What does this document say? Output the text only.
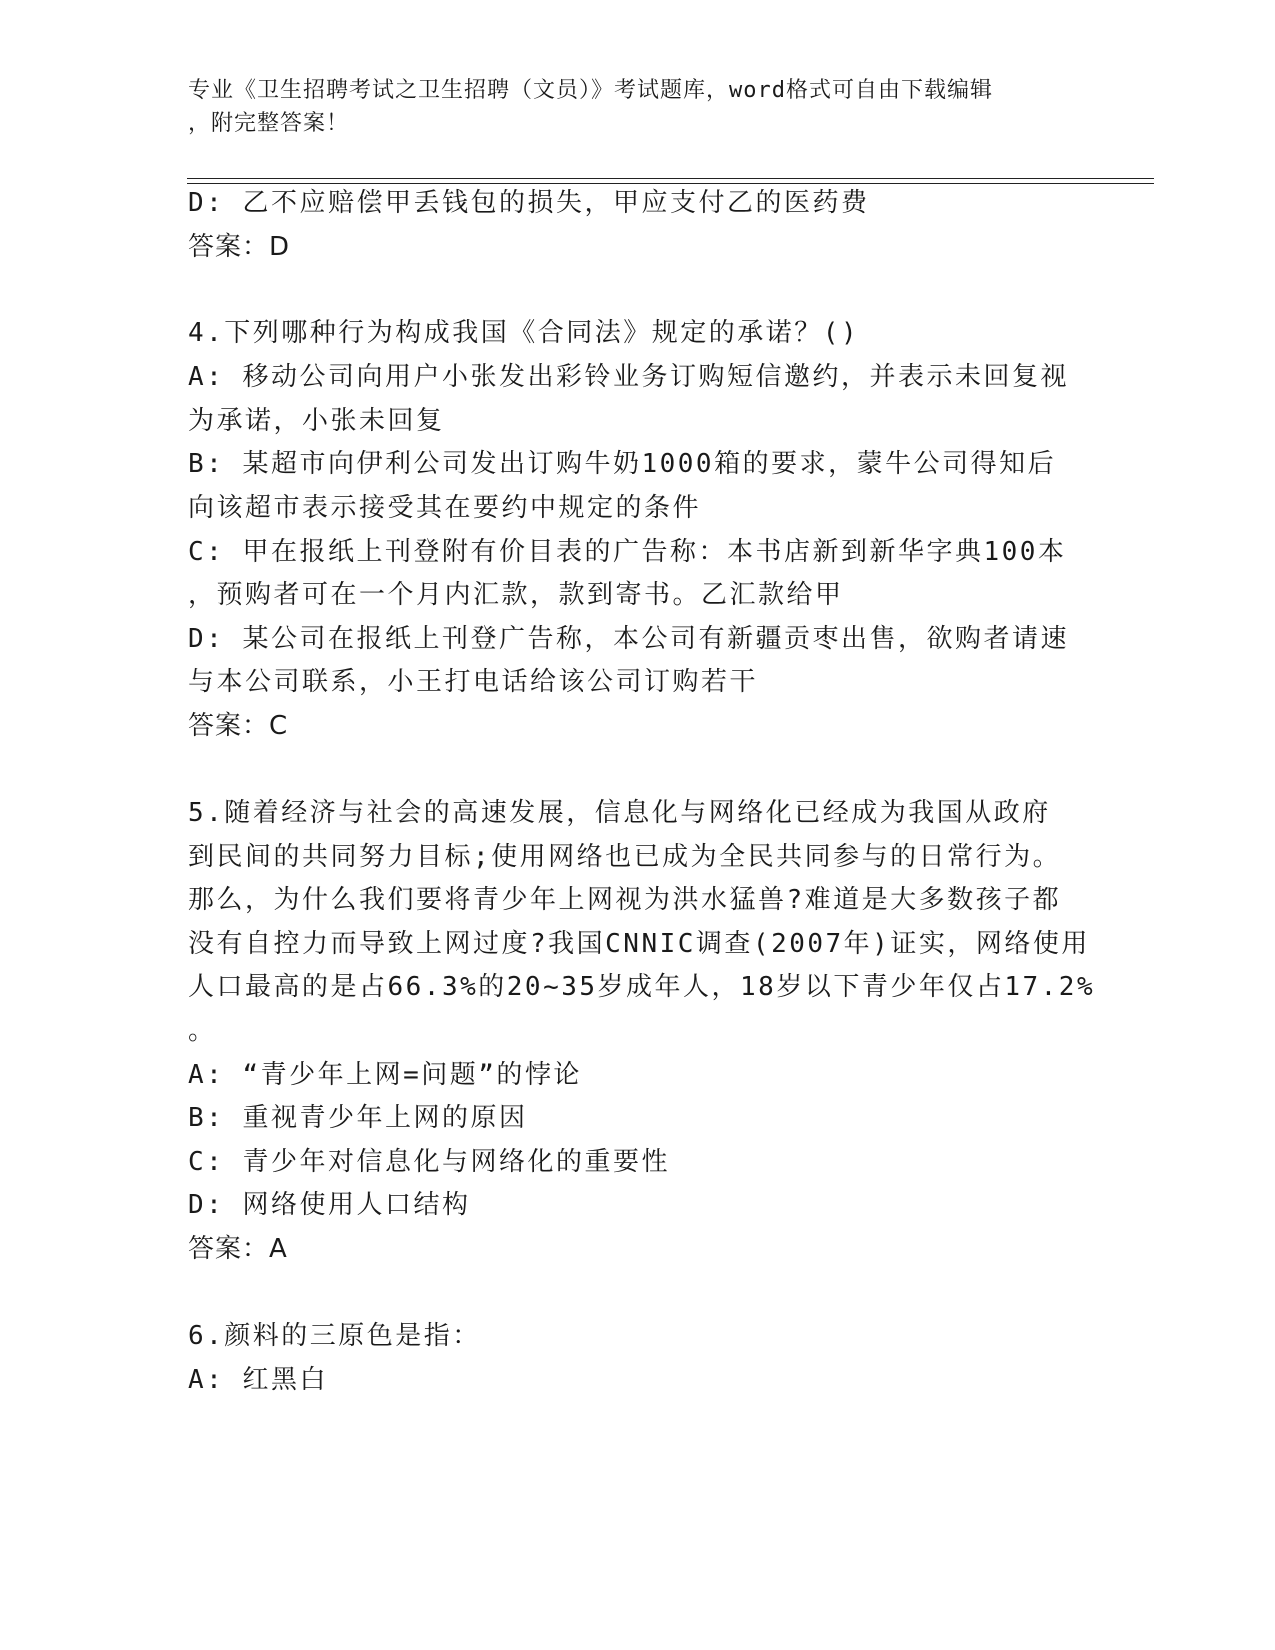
专业《卫生招聘考试之卫生招聘（文员）》考试题库，word格式可自由下载编辑
，附完整答案！
D: 乙不应赔偿甲丢钱包的损失，甲应支付乙的医药费
答案：D
4.下列哪种行为构成我国《合同法》规定的承诺？()
A: 移动公司向用户小张发出彩铃业务订购短信邀约，并表示未回复视
为承诺，小张未回复
B: 某超市向伊利公司发出订购牛奶1000箱的要求，蒙牛公司得知后
向该超市表示接受其在要约中规定的条件
C: 甲在报纸上刊登附有价目表的广告称：本书店新到新华字典100本
，预购者可在一个月内汇款，款到寄书。乙汇款给甲
D: 某公司在报纸上刊登广告称，本公司有新疆贡枣出售，欲购者请速
与本公司联系，小王打电话给该公司订购若干
答案：C
5.随着经济与社会的高速发展，信息化与网络化已经成为我国从政府
到民间的共同努力目标;使用网络也已成为全民共同参与的日常行为。
那么，为什么我们要将青少年上网视为洪水猛兽?难道是大多数孩子都
没有自控力而导致上网过度?我国CNNIC调查(2007年)证实，网络使用
人口最高的是占66.3%的20~35岁成年人，18岁以下青少年仅占17.2%
。
A: “青少年上网=问题”的悖论
B: 重视青少年上网的原因
C: 青少年对信息化与网络化的重要性
D: 网络使用人口结构
答案：A
6.颜料的三原色是指：
A: 红黑白
